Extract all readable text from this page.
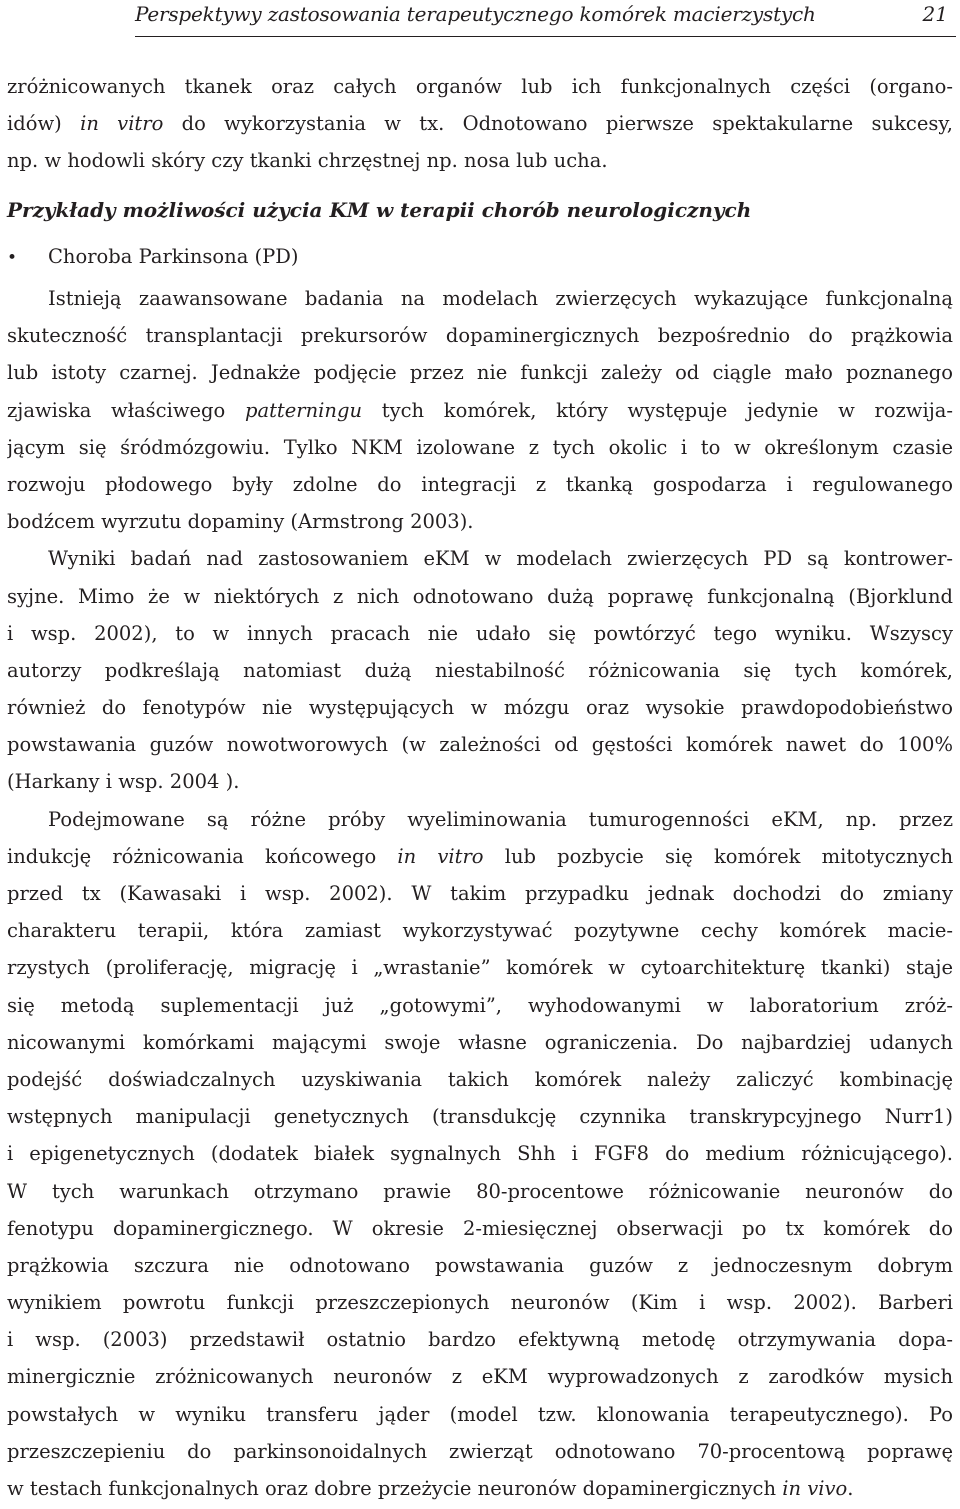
Perspektywy zastosowania terapeutycznego komórek macierzystych	21
zróżnicowanych tkanek oraz całych organów lub ich funkcjonalnych części (organo-
idów) in vitro do wykorzystania w tx. Odnotowano pierwsze spektakularne sukcesy,
np. w hodowli skóry czy tkanki chrzęstnej np. nosa lub ucha.
Przykłady możliwości użycia KM w terapii chorób neurologicznych
• Choroba Parkinsona (PD)
Istnieją zaawansowane badania na modelach zwierzęcych wykazujące funkcjonalną
skuteczność transplantacji prekursorów dopaminergicznych bezpośrednio do prążkowia
lub istoty czarnej. Jednakże podjęcie przez nie funkcji zależy od ciągle mało poznanego
zjawiska właściwego patterningu tych komórek, który występuje jedynie w rozwija-
jącym się śródmózgowiu. Tylko NKM izolowane z tych okolic i to w określonym czasie
rozwoju płodowego były zdolne do integracji z tkanką gospodarza i regulowanego
bodźcem wyrzutu dopaminy (Armstrong 2003).
Wyniki badań nad zastosowaniem eKM w modelach zwierzęcych PD są kontrower-
syjne. Mimo że w niektórych z nich odnotowano dużą poprawę funkcjonalną (Bjorklund
i wsp. 2002), to w innych pracach nie udało się powtórzyć tego wyniku. Wszyscy
autorzy podkreślają natomiast dużą niestabilność różnicowania się tych komórek,
również do fenotypów nie występujących w mózgu oraz wysokie prawdopodobieństwo
powstawania guzów nowotworowych (w zależności od gęstości komórek nawet do 100%
(Harkany i wsp. 2004 ).
Podejmowane są różne próby wyeliminowania tumurogenności eKM, np. przez
indukcję różnicowania końcowego in vitro lub pozbycie się komórek mitotycznych
przed tx (Kawasaki i wsp. 2002). W takim przypadku jednak dochodzi do zmiany
charakteru terapii, która zamiast wykorzystywać pozytywne cechy komórek macie-
rzystych (proliferację, migrację i „wrastanie” komórek w cytoarchitekturę tkanki) staje
się metodą suplementacji już „gotowymi”, wyhodowanymi w laboratorium zróż-
nicowanymi komórkami mającymi swoje własne ograniczenia. Do najbardziej udanych
podejść doświadczalnych uzyskiwania takich komórek należy zaliczyć kombinację
wstępnych manipulacji genetycznych (transdukcję czynnika transkrypcyjnego Nurr1)
i epigenetycznych (dodatek białek sygnalnych Shh i FGF8 do medium różnicującego).
W tych warunkach otrzymano prawie 80-procentowe różnicowanie neuronów do
fenotypu dopaminergicznego. W okresie 2-miesięcznej obserwacji po tx komórek do
prążkowia szczura nie odnotowano powstawania guzów z jednoczesnym dobrym
wynikiem powrotu funkcji przeszczepionych neuronów (Kim i wsp. 2002). Barberi
i wsp. (2003) przedstawił ostatnio bardzo efektywną metodę otrzymywania dopa-
minergicznie zróżnicowanych neuronów z eKM wyprowadzonych z zarodków mysich
powstałych w wyniku transferu jąder (model tzw. klonowania terapeutycznego). Po
przeszczepieniu do parkinsonoidalnych zwierząt odnotowano 70-procentową poprawę
w testach funkcjonalnych oraz dobre przeżycie neuronów dopaminergicznych in vivo.
